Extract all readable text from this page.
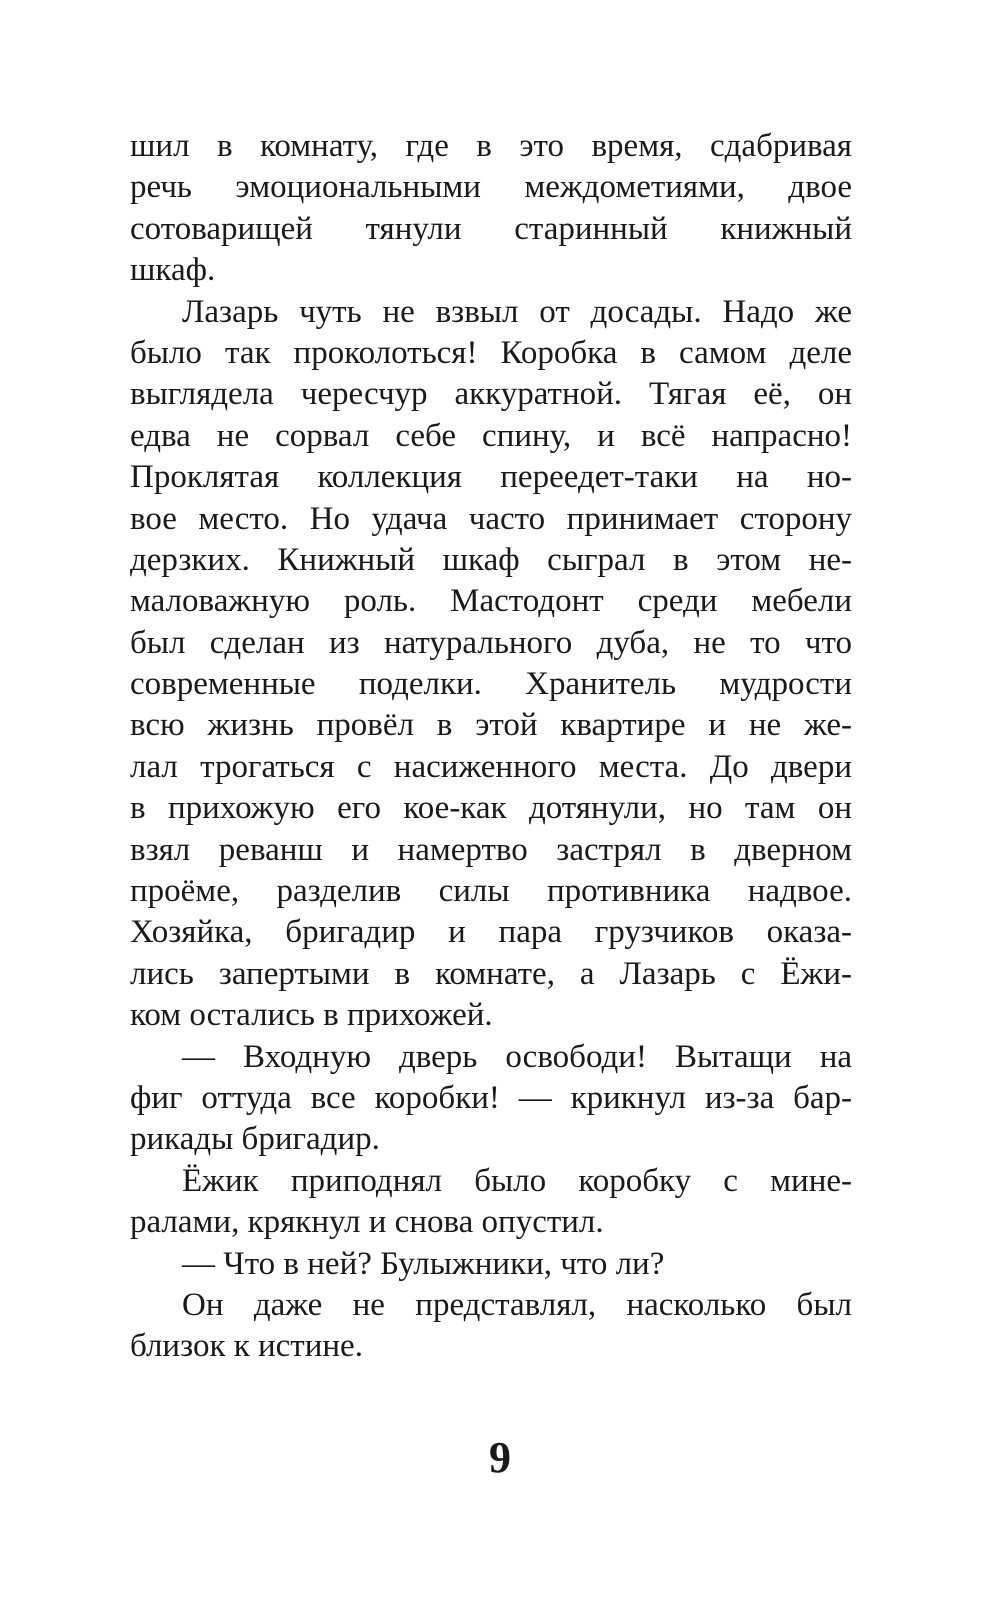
шил в комнату, где в это время, сдабривая
речь эмоциональными междометиями, двое
сотоварищей тянули старинный книжный
шкаф.
Лазарь чуть не взвыл от досады. Надо же
было так проколоться! Коробка в самом деле
выглядела чересчур аккуратной. Тягая её, он
едва не сорвал себе спину, и всё напрасно!
Проклятая коллекция переедет-таки на но-
вое место. Но удача часто принимает сторону
дерзких. Книжный шкаф сыграл в этом не-
маловажную роль. Мастодонт среди мебели
был сделан из натурального дуба, не то что
современные поделки. Хранитель мудрости
всю жизнь провёл в этой квартире и не же-
лал трогаться с насиженного места. До двери
в прихожую его кое-как дотянули, но там он
взял реванш и намертво застрял в дверном
проёме, разделив силы противника надвое.
Хозяйка, бригадир и пара грузчиков оказа-
лись запертыми в комнате, а Лазарь с Ёжи-
ком остались в прихожей.
— Входную дверь освободи! Вытащи на
фиг оттуда все коробки! — крикнул из-за бар-
рикады бригадир.
Ёжик приподнял было коробку с мине-
ралами, крякнул и снова опустил.
— Что в ней? Булыжники, что ли?
Он даже не представлял, насколько был
близок к истине.
9
